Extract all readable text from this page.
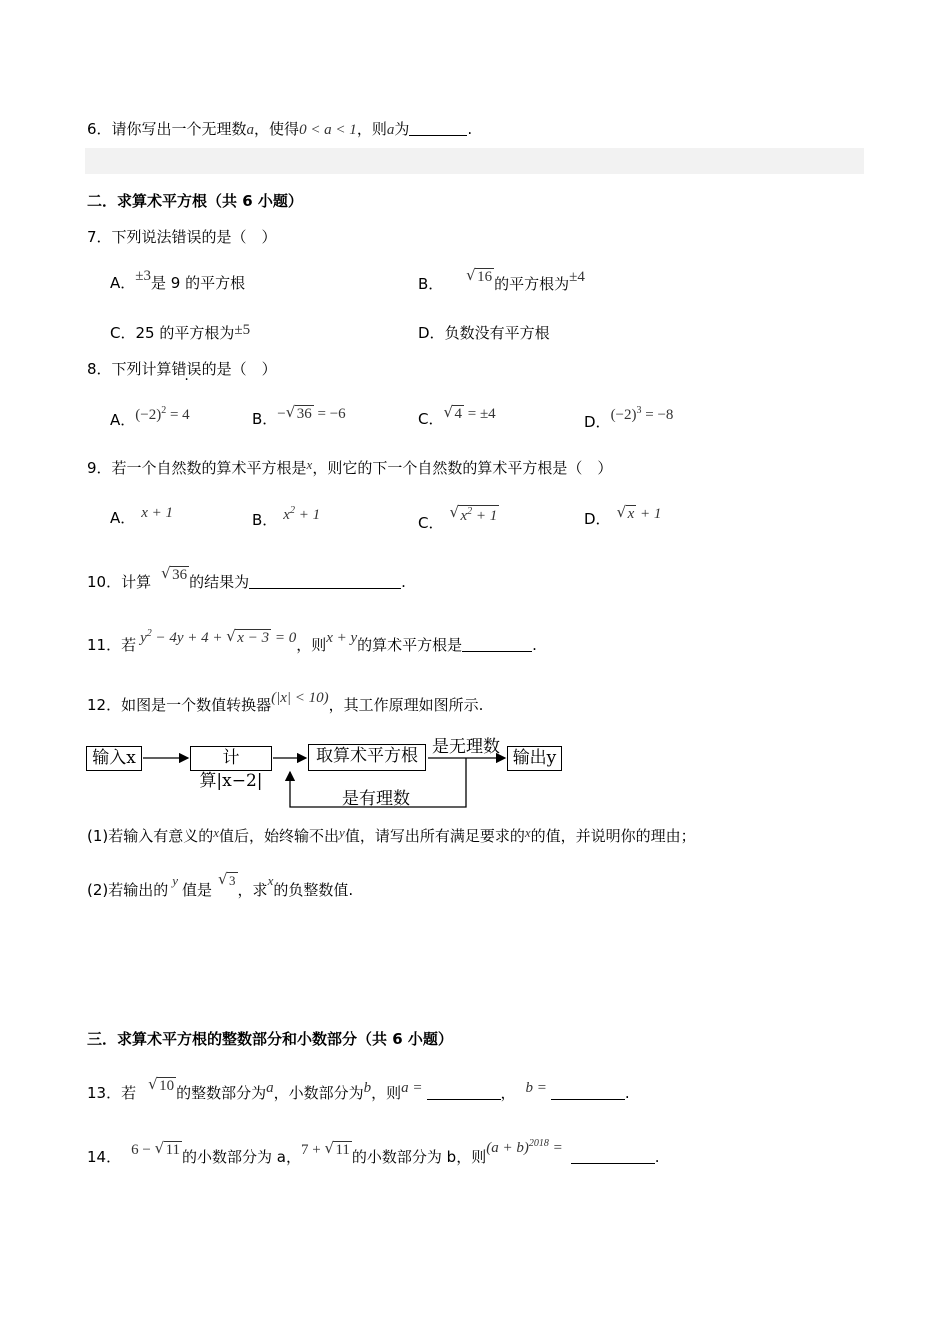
6．请你写出一个无理数a，使得0 < a < 1，则a为	.
二．求算术平方根（共 6 小题）
7．下列说法错误的是（　）
A．±3是 9 的平方根	B． √ 16 的平方根为±4
C．25 的平方根为±5	D．负数没有平方根
8．下列计算错误的是（　）
A．$(-2)^2 = 4$	B．− √ 36 = −6	C． √ 4 = ±4	D．$(-2)^3 = -8$
9．若一个自然数的算术平方根是x，则它的下一个自然数的算术平方根是（　）
A． x + 1	B． $x^2 + 1$	C．
√ $x^2 + 1$	D． √ x + 1
10．计算 √ 36 的结果为	.
11．若 $y^2 - 4y + 4$ + √ x − 3 = 0，则x + y的算术平方根是	.
12．如图是一个数值转换器(|x| < 10)，其工作原理如图所示.
输入x	计算|x−2|
取算术平方根	输出y
是无理数
是有理数
(1)若输入有意义的x值后，始终输不出y值，请写出所有满足要求的x的值，并说明你的理由；
(2)若输出的y值是
√ 3，求x的负整数值.
三．求算术平方根的整数部分和小数部分（共 6 小题）
13．若 √ 10 的整数部分为a，小数部分为b，则a =	， b =	.
14． 6 − √ 11 的小数部分为 a，7 + √ 11 的小数部分为 b，则$(a + b)^{2018}$ =	.
